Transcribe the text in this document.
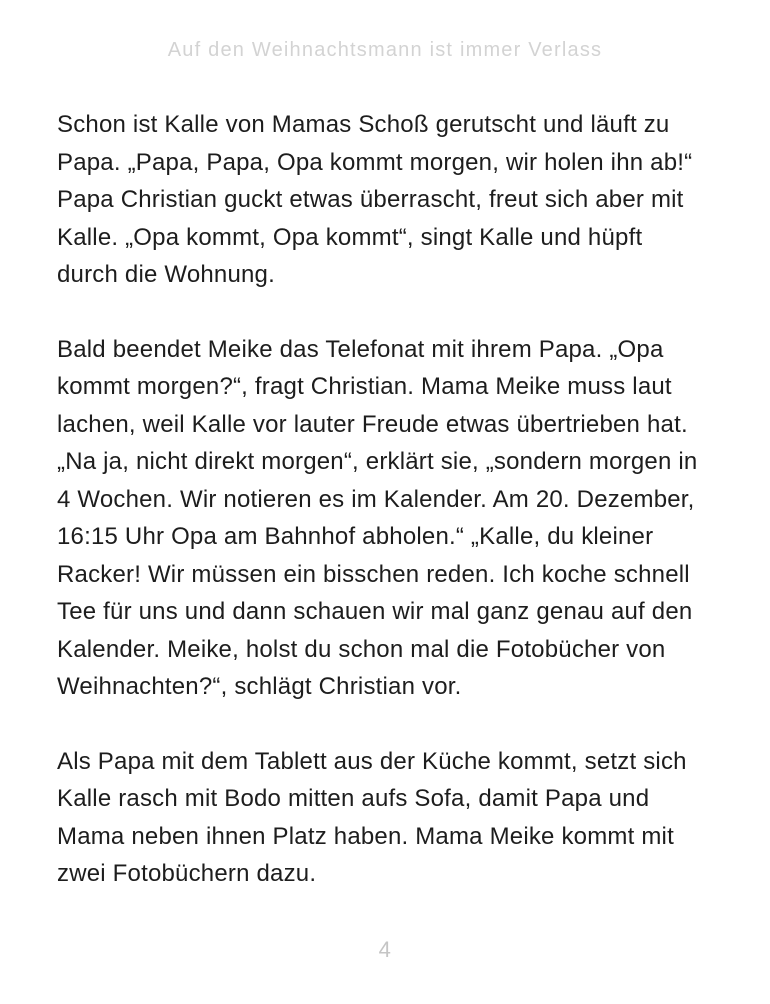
Auf den Weihnachtsmann ist immer Verlass

Schon ist Kalle von Mamas Schoß gerutscht und läuft zu
Papa. „Papa, Papa, Opa kommt morgen, wir holen ihn ab!“
Papa Christian guckt etwas überrascht, freut sich aber mit
Kalle. „Opa kommt, Opa kommt“, singt Kalle und hüpft
durch die Wohnung.

Bald beendet Meike das Telefonat mit ihrem Papa. „Opa
kommt morgen?“, fragt Christian. Mama Meike muss laut
lachen, weil Kalle vor lauter Freude etwas übertrieben hat.
„Na ja, nicht direkt morgen“, erklärt sie, „sondern morgen in
4 Wochen. Wir notieren es im Kalender. Am 20. Dezember,
16:15 Uhr Opa am Bahnhof abholen.“ „Kalle, du kleiner
Racker! Wir müssen ein bisschen reden. Ich koche schnell
Tee für uns und dann schauen wir mal ganz genau auf den
Kalender. Meike, holst du schon mal die Fotobücher von
Weihnachten?“, schlägt Christian vor.

Als Papa mit dem Tablett aus der Küche kommt, setzt sich
Kalle rasch mit Bodo mitten aufs Sofa, damit Papa und
Mama neben ihnen Platz haben. Mama Meike kommt mit
zwei Fotobüchern dazu.

4
